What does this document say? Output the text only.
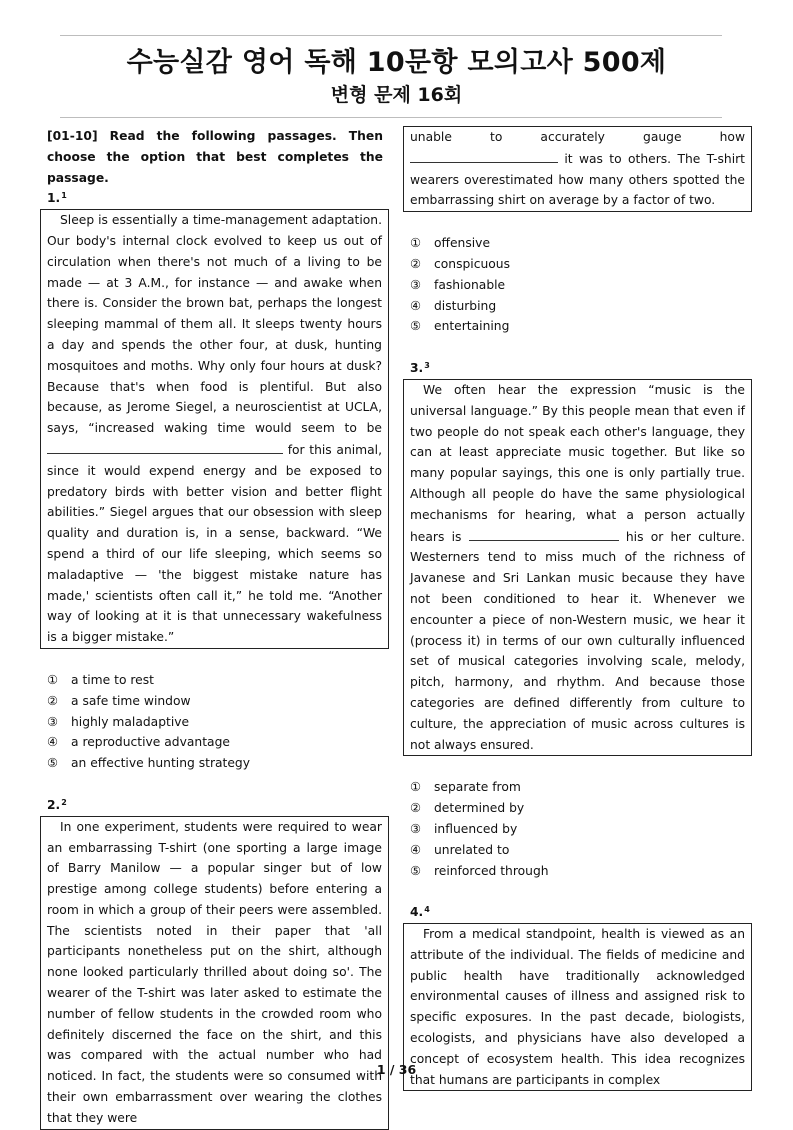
수능실감 영어 독해 10문항 모의고사 500제
변형 문제 16회
[01-10] Read the following passages. Then choose the option that best completes the passage.
1.$^1$

Sleep is essentially a time-management adaptation. Our body's internal clock evolved to keep us out of circulation when there's not much of a living to be made — at 3 A.M., for instance — and awake when there is. Consider the brown bat, perhaps the longest sleeping mammal of them all. It sleeps twenty hours a day and spends the other four, at dusk, hunting mosquitoes and moths. Why only four hours at dusk? Because that's when food is plentiful. But also because, as Jerome Siegel, a neuroscientist at UCLA, says, “increased waking time would seem to be  for this animal, since it would expend energy and be exposed to predatory birds with better vision and better flight abilities.” Siegel argues that our obsession with sleep quality and duration is, in a sense, backward. “We spend a third of our life sleeping, which seems so maladaptive — 'the biggest mistake nature has made,' scientists often call it,” he told me. “Another way of looking at it is that unnecessary wakefulness is a bigger mistake.”

① a time to rest
② a safe time window
③ highly maladaptive
④ a reproductive advantage
⑤ an effective hunting strategy
2.$^2$

In one experiment, students were required to wear an embarrassing T-shirt (one sporting a large image of Barry Manilow — a popular singer but of low prestige among college students) before entering a room in which a group of their peers were assembled. The scientists noted in their paper that 'all participants nonetheless put on the shirt, although none looked particularly thrilled about doing so'. The wearer of the T-shirt was later asked to estimate the number of fellow students in the crowded room who definitely discerned the face on the shirt, and this was compared with the actual number who had noticed. In fact, the students were so consumed with their own embarrassment over wearing the clothes that they were

unable to accurately gauge how  it was to others. The T-shirt wearers overestimated how many others spotted the embarrassing shirt on average by a factor of two.

① offensive
② conspicuous
③ fashionable
④ disturbing
⑤ entertaining
3.$^3$

We often hear the expression “music is the universal language.” By this people mean that even if two people do not speak each other's language, they can at least appreciate music together. But like so many popular sayings, this one is only partially true. Although all people do have the same physiological mechanisms for hearing, what a person actually hears is	his or her culture. Westerners tend to miss much of the richness of Javanese and Sri Lankan music because they have not been conditioned to hear it. Whenever we encounter a piece of non-Western music, we hear it (process it) in terms of our own culturally influenced set of musical categories involving scale, melody, pitch, harmony, and rhythm. And because those categories are defined differently from culture to culture, the appreciation of music across cultures is not always ensured.

① separate from
② determined by
③ influenced by
④ unrelated to
⑤ reinforced through
4.$^4$

From a medical standpoint, health is viewed as an attribute of the individual. The fields of medicine and public health have traditionally acknowledged environmental causes of illness and assigned risk to specific exposures. In the past decade, biologists, ecologists, and physicians have also developed a concept of ecosystem health. This idea recognizes that humans are participants in complex

1 / 36
